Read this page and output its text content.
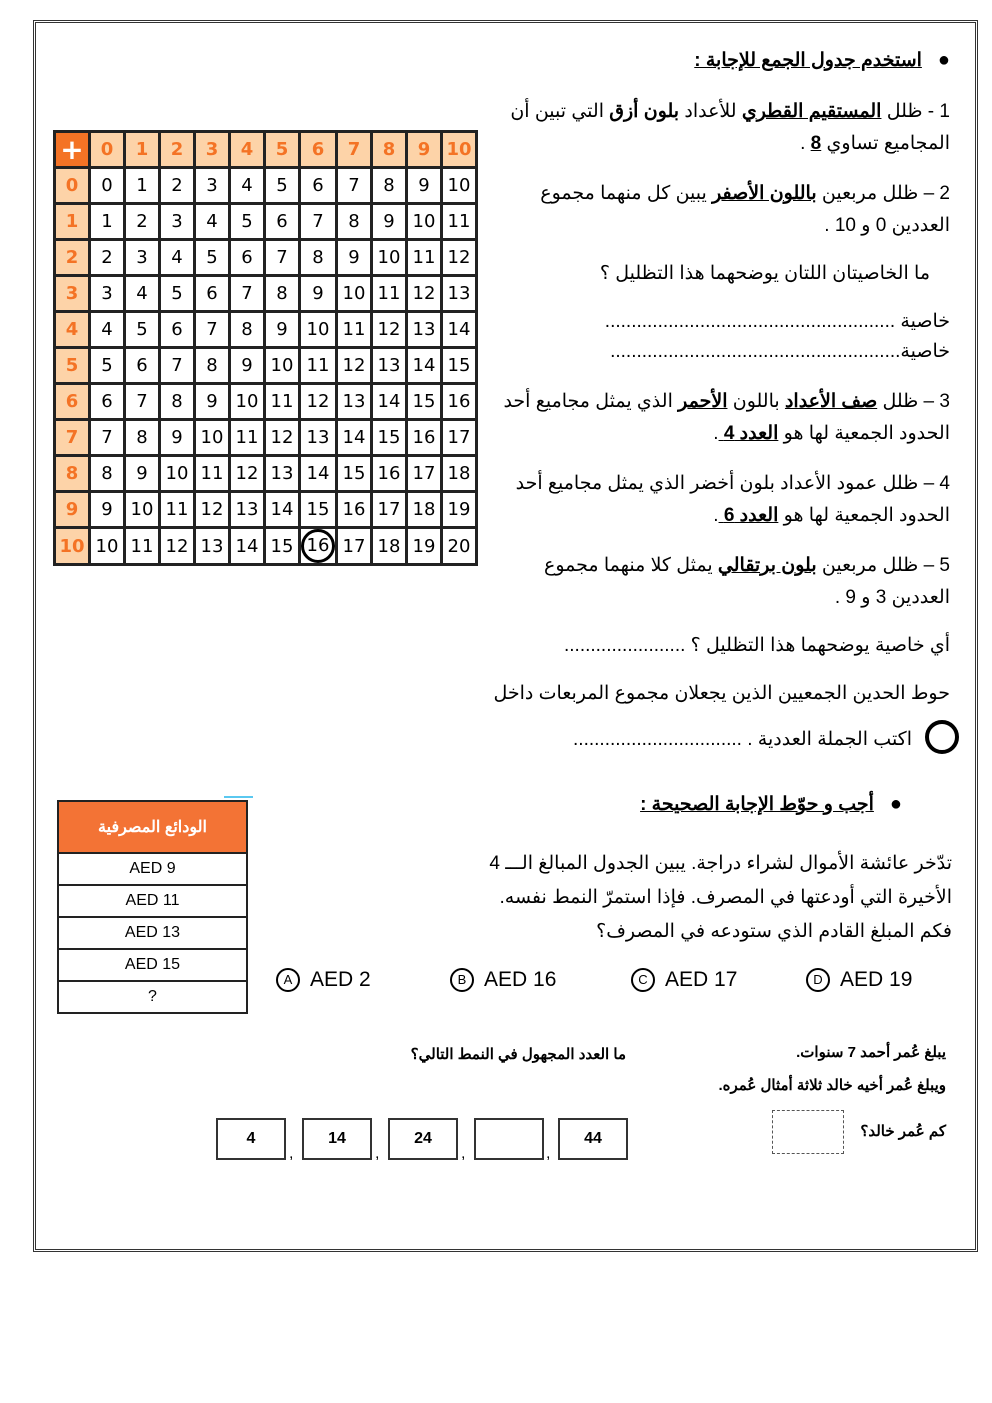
●استخدم جدول الجمع للإجابة :
1 - ظلل المستقيم القطري للأعداد بلون أزق التي تبين أن
المجاميع تساوي 8 .
2 – ظلل مربعين باللون الأصفر يبين كل منهما مجموع
العددين 0 و 10 .
ما الخاصيتان اللتان يوضحهما هذا التظليل ؟
خاصية .......................................................
خاصية.......................................................
3 – ظلل صف الأعداد باللون الأحمر الذي يمثل مجاميع أحد
الحدود الجمعية لها هو العدد 4 .
4 – ظلل عمود الأعداد بلون أخضر الذي يمثل مجاميع أحد
الحدود الجمعية لها هو العدد 6 .
5 – ظلل مربعين بلون برتقالي يمثل كلا منهما مجموع
العددين 3 و 9 .
أي خاصية يوضحهما هذا التظليل ؟ .......................
حوط الحدين الجمعيين الذين يجعلان مجموع المربعات داخل
اكتب الجملة العددية . ................................
+	0	1	2	3	4	5	6	7	8	9	10
0	0	1	2	3	4	5	6	7	8	9	10
1	1	2	3	4	5	6	7	8	9	10	11
2	2	3	4	5	6	7	8	9	10	11	12
3	3	4	5	6	7	8	9	10	11	12	13
4	4	5	6	7	8	9	10	11	12	13	14
5	5	6	7	8	9	10	11	12	13	14	15
6	6	7	8	9	10	11	12	13	14	15	16
7	7	8	9	10	11	12	13	14	15	16	17
8	8	9	10	11	12	13	14	15	16	17	18
9	9	10	11	12	13	14	15	16	17	18	19
10	10	11	12	13	14	15	16	17	18	19	20
الودائع المصرفية
AED 9
AED 11
AED 13
AED 15
?
●أجب و حوّط الإجابة الصحيحة :
تدّخر عائشة الأموال لشراء دراجة. يبين الجدول المبالغ الـــ 4
الأخيرة التي أودعتها في المصرف. فإذا استمرّ النمط نفسه.
فكم المبلغ القادم الذي ستودعه في المصرف؟
A AED 2	B AED 16	C AED 17	D AED 19
ما العدد المجهول في النمط التالي؟
4	14	24	44
,	,	,	,
يبلغ عُمر أحمد 7 سنوات.
ويبلغ عُمر أخيه خالد ثلاثة أمثال عُمره.
كم عُمر خالد؟
